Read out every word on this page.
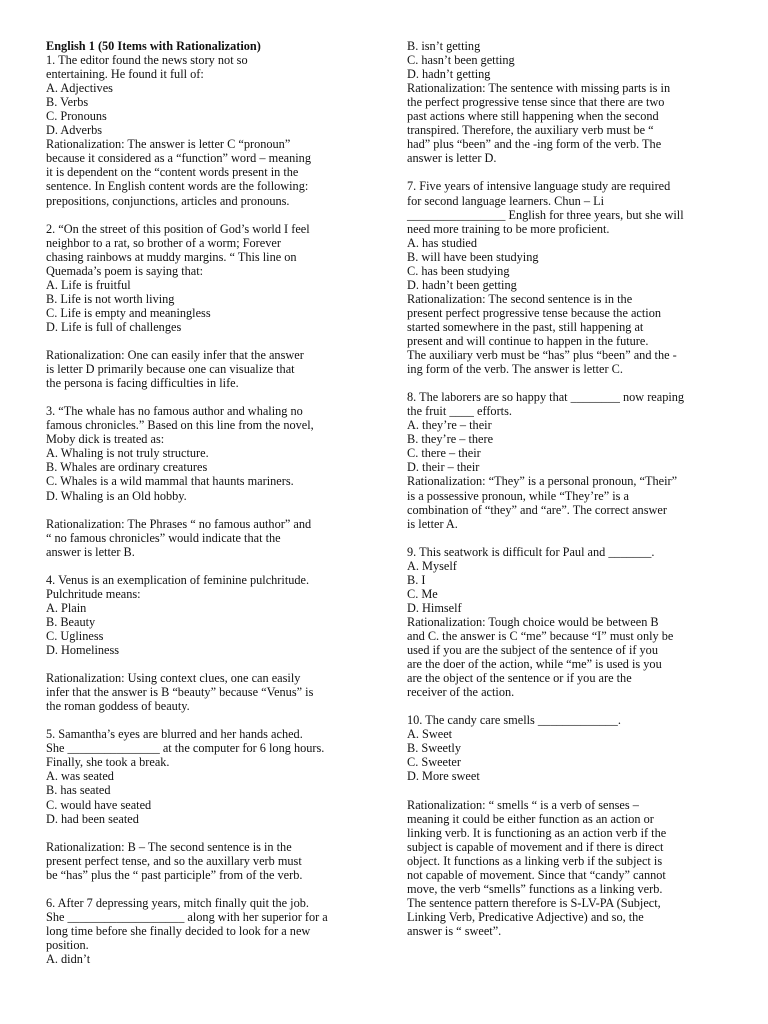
English 1 (50 Items with Rationalization)
1. The editor found the news story not so
entertaining. He found it full of:
A. Adjectives
B. Verbs
C. Pronouns
D. Adverbs
Rationalization: The answer is letter C “pronoun”
because it considered as a “function” word – meaning
it is dependent on the “content words present in the
sentence. In English content words are the following:
prepositions, conjunctions, articles and pronouns.
2. “On the street of this position of God’s world I feel
neighbor to a rat, so brother of a worm; Forever
chasing rainbows at muddy margins. “ This line on
Quemada’s poem is saying that:
A. Life is fruitful
B. Life is not worth living
C. Life is empty and meaningless
D. Life is full of challenges
Rationalization: One can easily infer that the answer
is letter D primarily because one can visualize that
the persona is facing difficulties in life.
3. “The whale has no famous author and whaling no
famous chronicles.” Based on this line from the novel,
Moby dick is treated as:
A. Whaling is not truly structure.
B. Whales are ordinary creatures
C. Whales is a wild mammal that haunts mariners.
D. Whaling is an Old hobby.
Rationalization: The Phrases “ no famous author” and
“ no famous chronicles” would indicate that the
answer is letter B.
4. Venus is an exemplication of feminine pulchritude.
Pulchritude means:
A. Plain
B. Beauty
C. Ugliness
D. Homeliness
Rationalization: Using context clues, one can easily
infer that the answer is B “beauty” because “Venus” is
the roman goddess of beauty.
5. Samantha’s eyes are blurred and her hands ached.
She _______________ at the computer for 6 long hours.
Finally, she took a break.
A. was seated
B. has seated
C. would have seated
D. had been seated
Rationalization: B – The second sentence is in the
present perfect tense, and so the auxillary verb must
be “has” plus the “ past participle” from of the verb.
6. After 7 depressing years, mitch finally quit the job.
She ___________________ along with her superior for a
long time before she finally decided to look for a new
position.
A. didn’t
B. isn’t getting
C. hasn’t been getting
D. hadn’t getting
Rationalization: The sentence with missing parts is in
the perfect progressive tense since that there are two
past actions where still happening when the second
transpired. Therefore, the auxiliary verb must be “
had” plus “been” and the -ing form of the verb. The
answer is letter D.
7. Five years of intensive language study are required
for second language learners. Chun – Li
________________ English for three years, but she will
need more training to be more proficient.
A. has studied
B. will have been studying
C. has been studying
D. hadn’t been getting
Rationalization: The second sentence is in the
present perfect progressive tense because the action
started somewhere in the past, still happening at
present and will continue to happen in the future.
The auxiliary verb must be “has” plus “been” and the -
ing form of the verb. The answer is letter C.
8. The laborers are so happy that ________ now reaping
the fruit ____ efforts.
A. they’re – their
B. they’re – there
C. there – their
D. their – their
Rationalization: “They” is a personal pronoun, “Their”
is a possessive pronoun, while “They’re” is a
combination of “they” and “are”. The correct answer
is letter A.
9. This seatwork is difficult for Paul and _______.
A. Myself
B. I
C. Me
D. Himself
Rationalization: Tough choice would be between B
and C. the answer is C “me” because “I” must only be
used if you are the subject of the sentence of if you
are the doer of the action, while “me” is used is you
are the object of the sentence or if you are the
receiver of the action.
10. The candy care smells _____________.
A. Sweet
B. Sweetly
C. Sweeter
D. More sweet
Rationalization: “ smells “ is a verb of senses –
meaning it could be either function as an action or
linking verb. It is functioning as an action verb if the
subject is capable of movement and if there is direct
object. It functions as a linking verb if the subject is
not capable of movement. Since that “candy” cannot
move, the verb “smells” functions as a linking verb.
The sentence pattern therefore is S-LV-PA (Subject,
Linking Verb, Predicative Adjective) and so, the
answer is “ sweet”.
